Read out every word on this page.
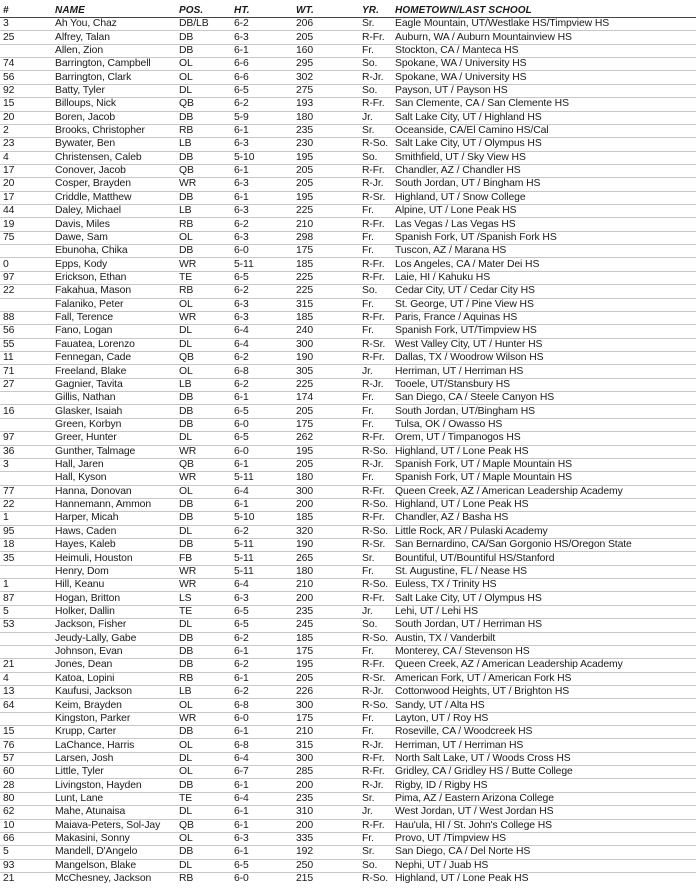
#	NAME	POS.	HT.	WT.	YR.	HOMETOWN/LAST SCHOOL
3	Ah You, Chaz	DB/LB	6-2	206	Sr.	Eagle Mountain, UT/Westlake HS/Timpview HS
25	Alfrey, Talan	DB	6-3	205	R-Fr.	Auburn, WA / Auburn Mountainview HS
	Allen, Zion	DB	6-1	160	Fr.	Stockton, CA / Manteca HS
74	Barrington, Campbell	OL	6-6	295	So.	Spokane, WA / University HS
56	Barrington, Clark	OL	6-6	302	R-Jr.	Spokane, WA / University HS
92	Batty, Tyler	DL	6-5	275	So.	Payson, UT / Payson HS
15	Billoups, Nick	QB	6-2	193	R-Fr.	San Clemente, CA / San Clemente HS
20	Boren, Jacob	DB	5-9	180	Jr.	Salt Lake City, UT / Highland HS
2	Brooks, Christopher	RB	6-1	235	Sr.	Oceanside, CA/El Camino HS/Cal
23	Bywater, Ben	LB	6-3	230	R-So.	Salt Lake City, UT / Olympus HS
4	Christensen, Caleb	DB	5-10	195	So.	Smithfield, UT / Sky View HS
17	Conover, Jacob	QB	6-1	205	R-Fr.	Chandler, AZ / Chandler HS
20	Cosper, Brayden	WR	6-3	205	R-Jr.	South Jordan, UT / Bingham HS
17	Criddle, Matthew	DB	6-1	195	R-Sr.	Highland, UT / Snow College
44	Daley, Michael	LB	6-3	225	Fr.	Alpine, UT / Lone Peak HS
19	Davis, Miles	RB	6-2	210	R-Fr.	Las Vegas / Las Vegas HS
75	Dawe, Sam	OL	6-3	298	Fr.	Spanish Fork, UT /Spanish Fork HS
	Ebunoha, Chika	DB	6-0	175	Fr.	Tuscon, AZ / Marana HS
0	Epps, Kody	WR	5-11	185	R-Fr.	Los Angeles, CA / Mater Dei HS
97	Erickson, Ethan	TE	6-5	225	R-Fr.	Laie, HI / Kahuku HS
22	Fakahua, Mason	RB	6-2	225	So.	Cedar City, UT / Cedar City HS
	Falaniko, Peter	OL	6-3	315	Fr.	St. George, UT / Pine View HS
88	Fall, Terence	WR	6-3	185	R-Fr.	Paris, France / Aquinas HS
56	Fano, Logan	DL	6-4	240	Fr.	Spanish Fork, UT/Timpview HS
55	Fauatea, Lorenzo	DL	6-4	300	R-Sr.	West Valley City, UT / Hunter HS
11	Fennegan, Cade	QB	6-2	190	R-Fr.	Dallas, TX / Woodrow Wilson HS
71	Freeland, Blake	OL	6-8	305	Jr.	Herriman, UT / Herriman HS
27	Gagnier, Tavita	LB	6-2	225	R-Jr.	Tooele, UT/Stansbury HS
	Gillis, Nathan	DB	6-1	174	Fr.	San Diego, CA / Steele Canyon HS
16	Glasker, Isaiah	DB	6-5	205	Fr.	South Jordan, UT/Bingham HS
	Green, Korbyn	DB	6-0	175	Fr.	Tulsa, OK / Owasso HS
97	Greer, Hunter	DL	6-5	262	R-Fr.	Orem, UT / Timpanogos HS
36	Gunther, Talmage	WR	6-0	195	R-So.	Highland, UT / Lone Peak HS
3	Hall, Jaren	QB	6-1	205	R-Jr.	Spanish Fork, UT / Maple Mountain HS
	Hall, Kyson	WR	5-11	180	Fr.	Spanish Fork, UT / Maple Mountain HS
77	Hanna, Donovan	OL	6-4	300	R-Fr.	Queen Creek, AZ / American Leadership Academy
22	Hannemann, Ammon	DB	6-1	200	R-So.	Highland, UT / Lone Peak HS
1	Harper, Micah	DB	5-10	185	R-Fr.	Chandler, AZ / Basha HS
95	Haws, Caden	DL	6-2	320	R-So.	Little Rock, AR / Pulaski Academy
18	Hayes, Kaleb	DB	5-11	190	R-Sr.	San Bernardino, CA/San Gorgonio HS/Oregon State
35	Heimuli, Houston	FB	5-11	265	Sr.	Bountiful, UT/Bountiful HS/Stanford
	Henry, Dom	WR	5-11	180	Fr.	St. Augustine, FL / Nease HS
1	Hill, Keanu	WR	6-4	210	R-So.	Euless, TX / Trinity HS
87	Hogan, Britton	LS	6-3	200	R-Fr.	Salt Lake City, UT / Olympus HS
5	Holker, Dallin	TE	6-5	235	Jr.	Lehi, UT / Lehi HS
53	Jackson, Fisher	DL	6-5	245	So.	South Jordan, UT / Herriman HS
	Jeudy-Lally, Gabe	DB	6-2	185	R-So.	Austin, TX / Vanderbilt
	Johnson, Evan	DB	6-1	175	Fr.	Monterey, CA / Stevenson HS
21	Jones, Dean	DB	6-2	195	R-Fr.	Queen Creek, AZ / American Leadership Academy
4	Katoa, Lopini	RB	6-1	205	R-Sr.	American Fork, UT / American Fork HS
13	Kaufusi, Jackson	LB	6-2	226	R-Jr.	Cottonwood Heights, UT / Brighton HS
64	Keim, Brayden	OL	6-8	300	R-So.	Sandy, UT / Alta HS
	Kingston, Parker	WR	6-0	175	Fr.	Layton, UT / Roy HS
15	Krupp, Carter	DB	6-1	210	Fr.	Roseville, CA / Woodcreek HS
76	LaChance, Harris	OL	6-8	315	R-Jr.	Herriman, UT / Herriman HS
57	Larsen, Josh	DL	6-4	300	R-Fr.	North Salt Lake, UT / Woods Cross HS
60	Little, Tyler	OL	6-7	285	R-Fr.	Gridley, CA / Gridley HS / Butte College
28	Livingston, Hayden	DB	6-1	200	R-Jr.	Rigby, ID / Rigby HS
80	Lunt, Lane	TE	6-4	235	Sr.	Pima, AZ / Eastern Arizona College
62	Mahe, Atunaisa	DL	6-1	310	Jr.	West Jordan, UT / West Jordan HS
10	Maiava-Peters, Sol-Jay	QB	6-1	200	R-Fr.	Hau'ula, HI / St. John's College HS
66	Makasini, Sonny	OL	6-3	335	Fr.	Provo, UT /Timpview HS
5	Mandell, D'Angelo	DB	6-1	192	Sr.	San Diego, CA / Del Norte HS
93	Mangelson, Blake	DL	6-5	250	So.	Nephi, UT / Juab HS
21	McChesney, Jackson	RB	6-0	215	R-So.	Highland, UT / Lone Peak HS
